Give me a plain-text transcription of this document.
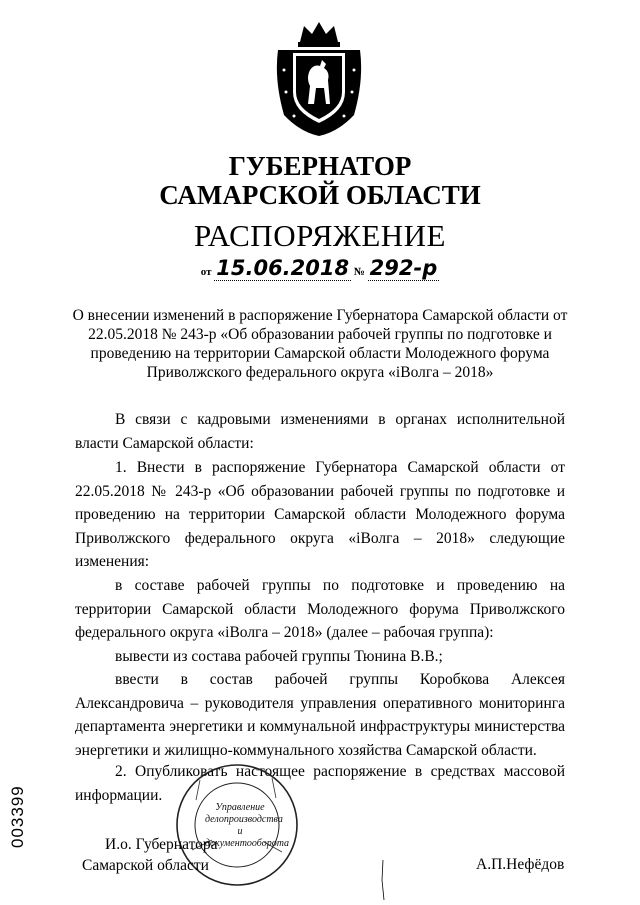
ГУБЕРНАТОР
САМАРСКОЙ ОБЛАСТИ
РАСПОРЯЖЕНИЕ
от 15.06.2018 № 292-р
О внесении изменений в распоряжение Губернатора Самарской области от 22.05.2018 № 243-р «Об образовании рабочей группы по подготовке и проведению на территории Самарской области Молодежного форума Приволжского федерального округа «iВолга – 2018»
В связи с кадровыми изменениями в органах исполнительной власти Самарской области:
1. Внести в распоряжение Губернатора Самарской области от 22.05.2018 № 243-р «Об образовании рабочей группы по подготовке и проведению на территории Самарской области Молодежного форума Приволжского федерального округа «iВолга – 2018» следующие изменения:
в составе рабочей группы по подготовке и проведению на территории Самарской области Молодежного форума Приволжского федерального округа «iВолга – 2018» (далее – рабочая группа):
вывести из состава рабочей группы Тюнина В.В.;
ввести в состав рабочей группы Коробкова Алексея Александровича – руководителя управления оперативного мониторинга департамента энергетики и коммунальной инфраструктуры министерства энергетики и жилищно-коммунального хозяйства Самарской области.
2. Опубликовать настоящее распоряжение в средствах массовой информации.
Управление делопроизводства и документооборота
И.о. Губернатора
Самарской области	А.П.Нефёдов
003399
